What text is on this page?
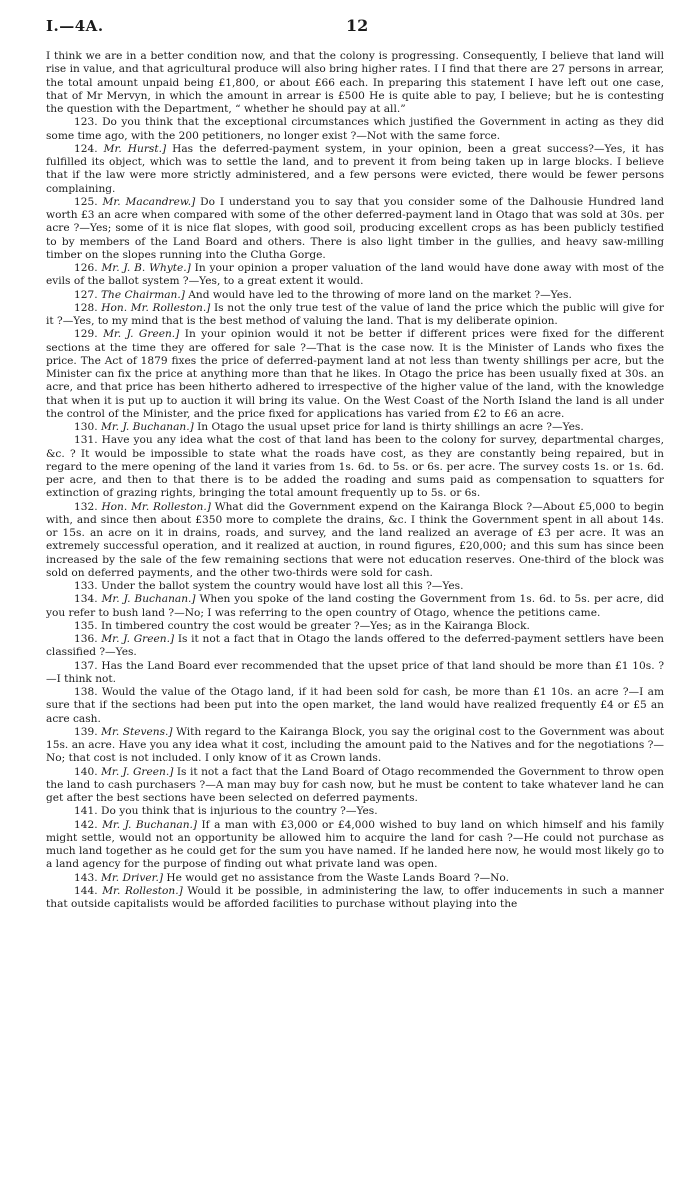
I.—4A.	12

I think we are in a better condition now, and that the colony is progressing. Consequently, I believe that land will rise in value, and that agricultural produce will also bring higher rates. I I find that there are 27 persons in arrear, the total amount unpaid being £1,800, or about £66 each. In preparing this statement I have left out one case, that of Mr Mervyn, in which the amount in arrear is £500 He is quite able to pay, I believe; but he is contesting the question with the Department, “ whether he should pay at all.”

123. Do you think that the exceptional circumstances which justified the Government in acting as they did some time ago, with the 200 petitioners, no longer exist ?—Not with the same force.

124. Mr. Hurst.] Has the deferred-payment system, in your opinion, been a great success?—Yes, it has fulfilled its object, which was to settle the land, and to prevent it from being taken up in large blocks. I believe that if the law were more strictly administered, and a few persons were evicted, there would be fewer persons complaining.

125. Mr. Macandrew.] Do I understand you to say that you consider some of the Dalhousie Hundred land worth £3 an acre when compared with some of the other deferred-payment land in Otago that was sold at 30s. per acre ?—Yes; some of it is nice flat slopes, with good soil, producing excellent crops as has been publicly testified to by members of the Land Board and others. There is also light timber in the gullies, and heavy saw-milling timber on the slopes running into the Clutha Gorge.

126. Mr. J. B. Whyte.] In your opinion a proper valuation of the land would have done away with most of the evils of the ballot system ?—Yes, to a great extent it would.

127. The Chairman.] And would have led to the throwing of more land on the market ?—Yes.

128. Hon. Mr. Rolleston.] Is not the only true test of the value of land the price which the public will give for it ?—Yes, to my mind that is the best method of valuing the land. That is my deliberate opinion.

129. Mr. J. Green.] In your opinion would it not be better if different prices were fixed for the different sections at the time they are offered for sale ?—That is the case now. It is the Minister of Lands who fixes the price. The Act of 1879 fixes the price of deferred-payment land at not less than twenty shillings per acre, but the Minister can fix the price at anything more than that he likes. In Otago the price has been usually fixed at 30s. an acre, and that price has been hitherto adhered to irrespective of the higher value of the land, with the knowledge that when it is put up to auction it will bring its value. On the West Coast of the North Island the land is all under the control of the Minister, and the price fixed for applications has varied from £2 to £6 an acre.

130. Mr. J. Buchanan.] In Otago the usual upset price for land is thirty shillings an acre ?—Yes.

131. Have you any idea what the cost of that land has been to the colony for survey, departmental charges, &c. ? It would be impossible to state what the roads have cost, as they are constantly being repaired, but in regard to the mere opening of the land it varies from 1s. 6d. to 5s. or 6s. per acre. The survey costs 1s. or 1s. 6d. per acre, and then to that there is to be added the roading and sums paid as compensation to squatters for extinction of grazing rights, bringing the total amount frequently up to 5s. or 6s.

132. Hon. Mr. Rolleston.] What did the Government expend on the Kairanga Block ?—About £5,000 to begin with, and since then about £350 more to complete the drains, &c. I think the Government spent in all about 14s. or 15s. an acre on it in drains, roads, and survey, and the land realized an average of £3 per acre. It was an extremely successful operation, and it realized at auction, in round figures, £20,000; and this sum has since been increased by the sale of the few remaining sections that were not education reserves. One-third of the block was sold on deferred payments, and the other two-thirds were sold for cash.

133. Under the ballot system the country would have lost all this ?—Yes.

134. Mr. J. Buchanan.] When you spoke of the land costing the Government from 1s. 6d. to 5s. per acre, did you refer to bush land ?—No; I was referring to the open country of Otago, whence the petitions came.

135. In timbered country the cost would be greater ?—Yes; as in the Kairanga Block.

136. Mr. J. Green.] Is it not a fact that in Otago the lands offered to the deferred-payment settlers have been classified ?—Yes.

137. Has the Land Board ever recommended that the upset price of that land should be more than £1 10s. ?—I think not.

138. Would the value of the Otago land, if it had been sold for cash, be more than £1 10s. an acre ?—I am sure that if the sections had been put into the open market, the land would have realized frequently £4 or £5 an acre cash.

139. Mr. Stevens.] With regard to the Kairanga Block, you say the original cost to the Government was about 15s. an acre. Have you any idea what it cost, including the amount paid to the Natives and for the negotiations ?—No; that cost is not included. I only know of it as Crown lands.

140. Mr. J. Green.] Is it not a fact that the Land Board of Otago recommended the Government to throw open the land to cash purchasers ?—A man may buy for cash now, but he must be content to take whatever land he can get after the best sections have been selected on deferred payments.

141. Do you think that is injurious to the country ?—Yes.

142. Mr. J. Buchanan.] If a man with £3,000 or £4,000 wished to buy land on which himself and his family might settle, would not an opportunity be allowed him to acquire the land for cash ?—He could not purchase as much land together as he could get for the sum you have named. If he landed here now, he would most likely go to a land agency for the purpose of finding out what private land was open.

143. Mr. Driver.] He would get no assistance from the Waste Lands Board ?—No.

144. Mr. Rolleston.] Would it be possible, in administering the law, to offer inducements in such a manner that outside capitalists would be afforded facilities to purchase without playing into the
